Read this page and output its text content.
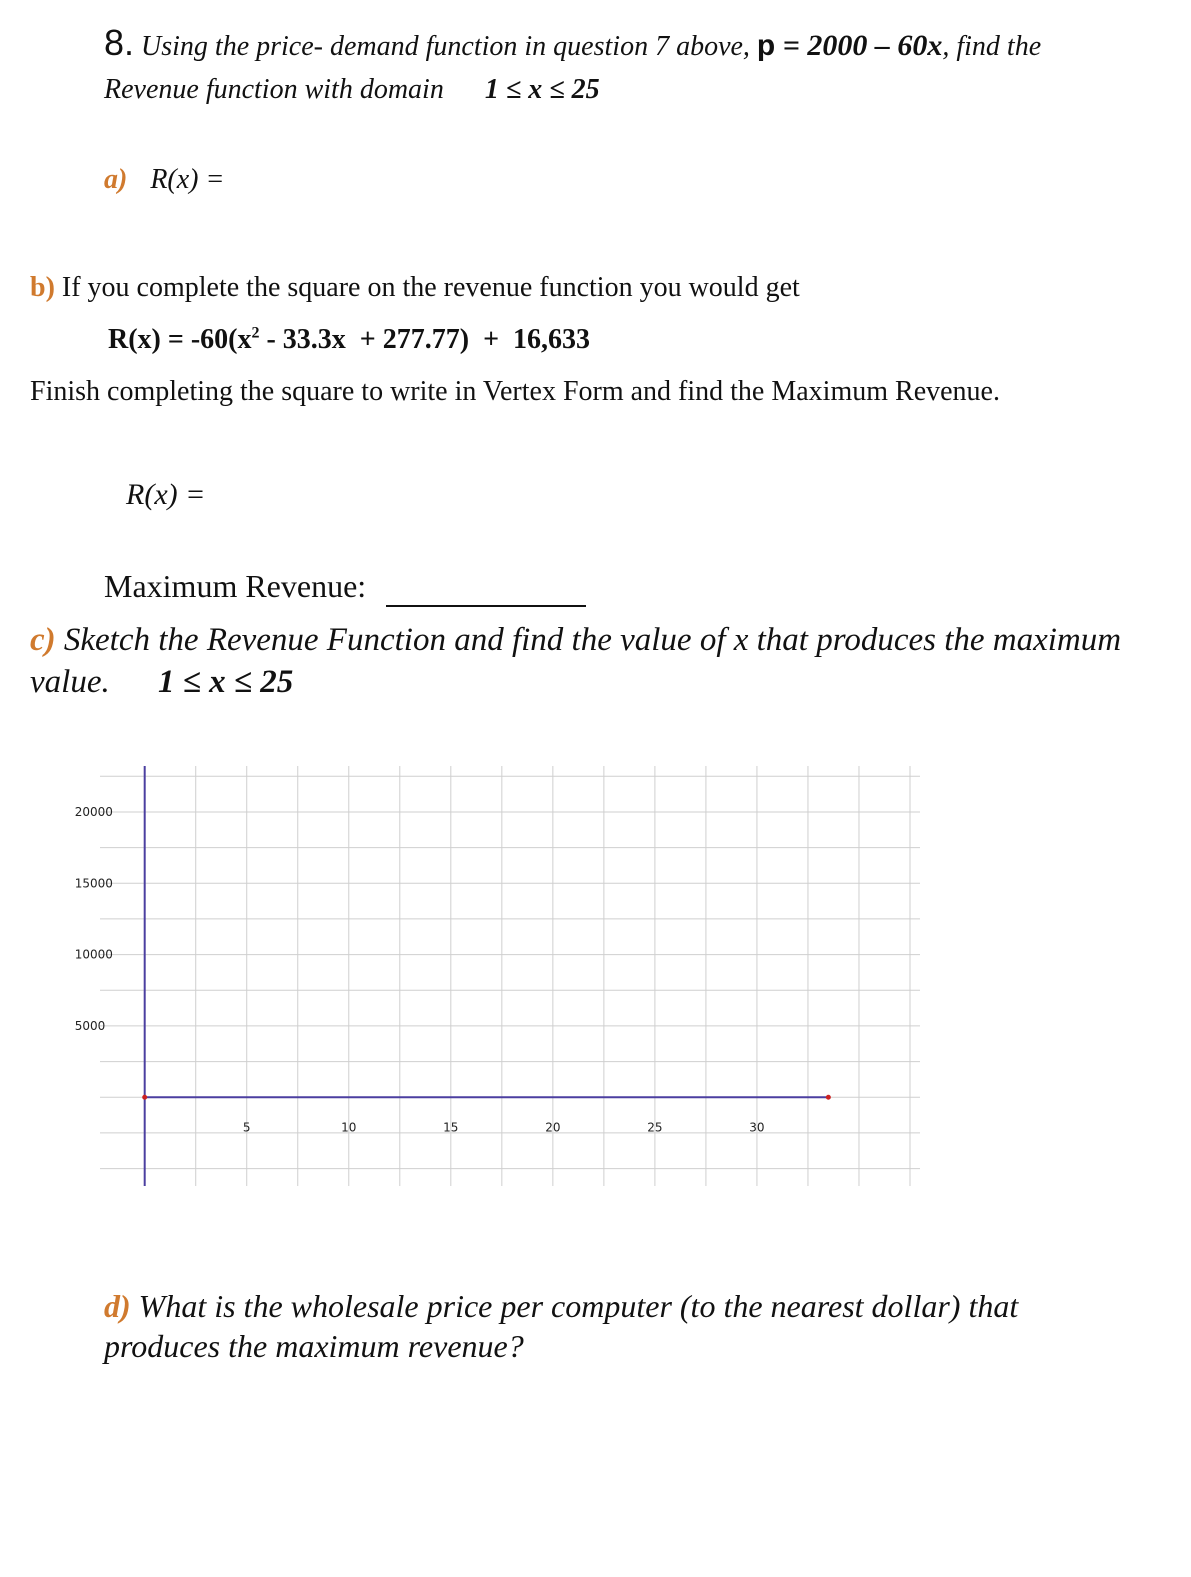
8. Using the price- demand function in question 7 above, p = 2000 – 60x, find the
Revenue function with domain 1 ≤ x ≤ 25
a) R(x) =
b) If you complete the square on the revenue function you would get
$R(x) = -60(x^2 - 33.3x + 277.77) + 16,633$
Finish completing the square to write in Vertex Form and find the Maximum Revenue.
R(x) =
Maximum Revenue:
c) Sketch the Revenue Function and find the value of x that produces the maximum
value. 1 ≤ x ≤ 25
5	10	15	20	25	30
5000
10000
15000
20000
d) What is the wholesale price per computer (to the nearest dollar) that
produces the maximum revenue?
